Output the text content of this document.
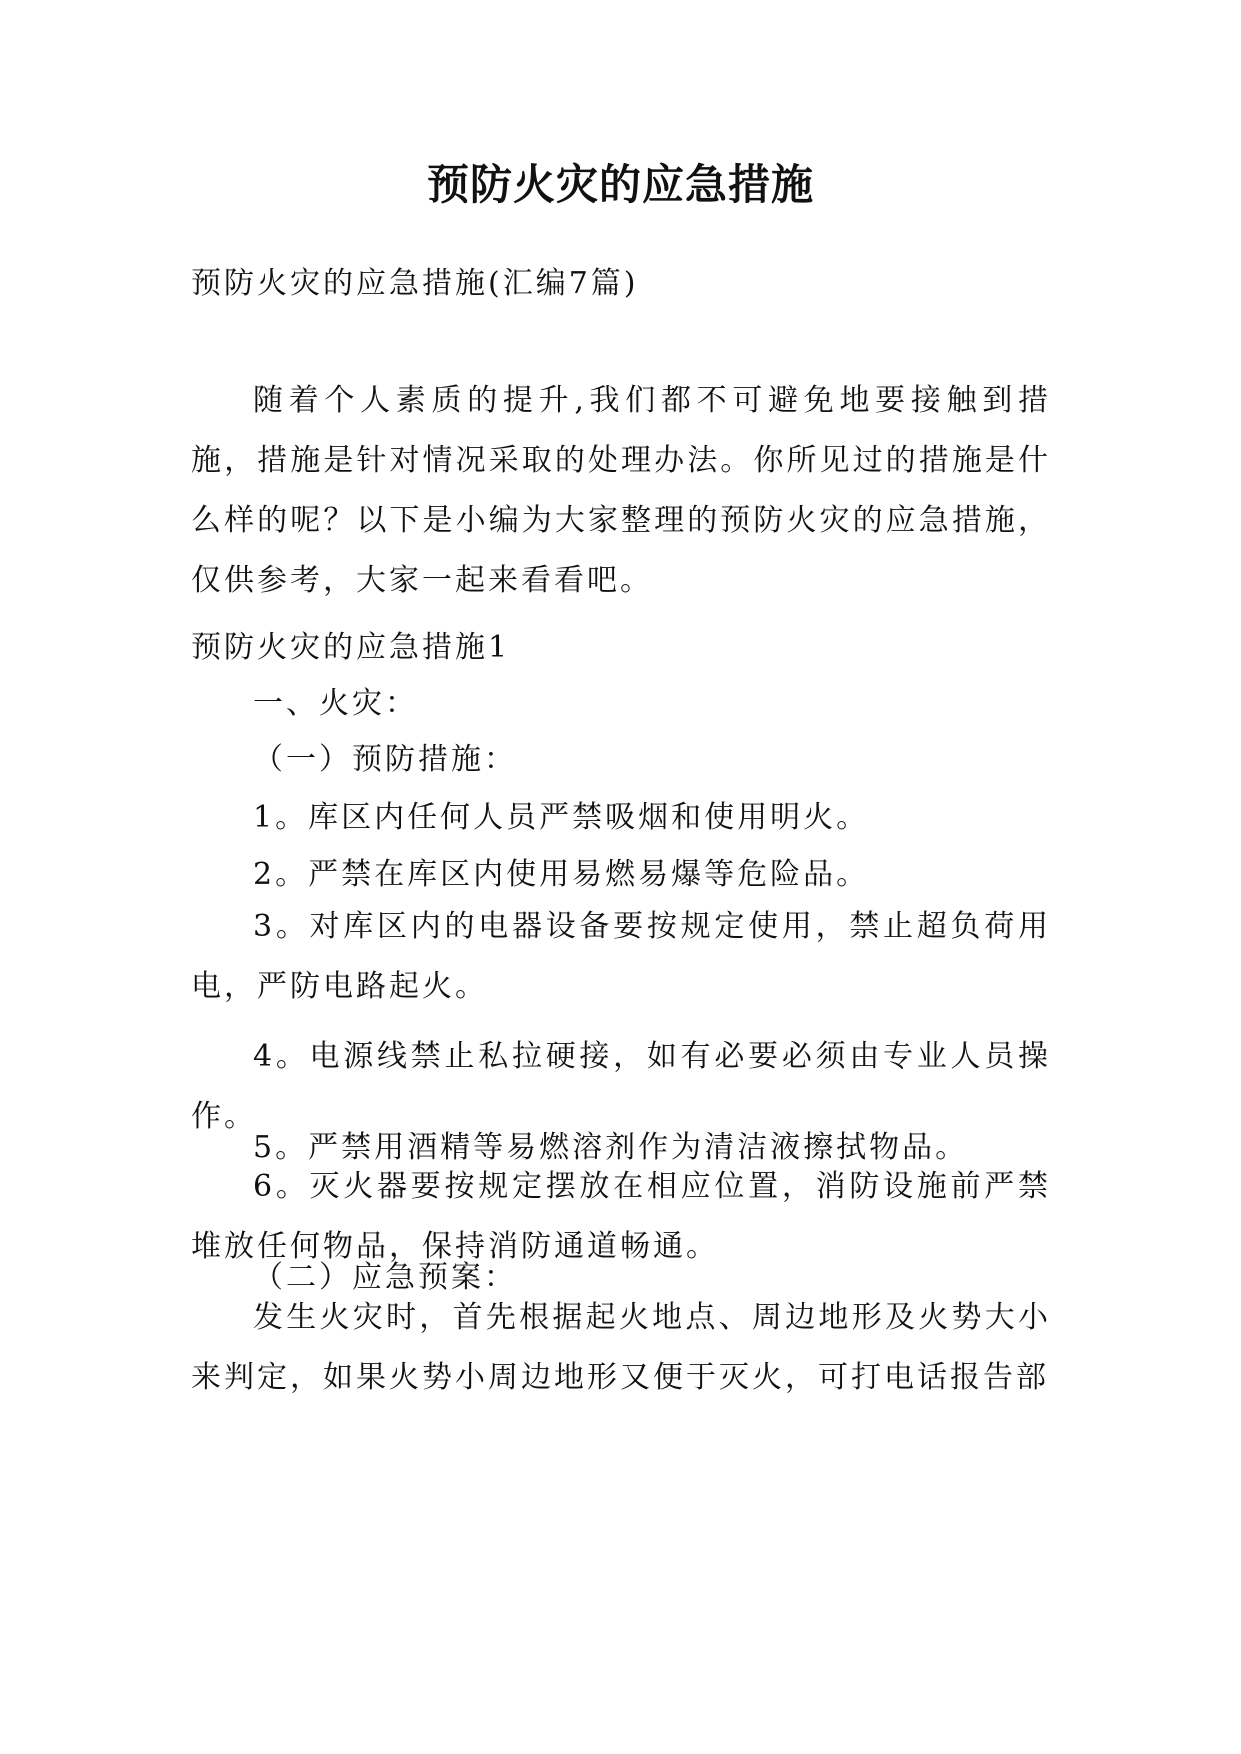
预防火灾的应急措施

预防火灾的应急措施(汇编7篇)

随着个人素质的提升,我们都不可避免地要接触到措施，措施是针对情况采取的处理办法。你所见过的措施是什么样的呢？以下是小编为大家整理的预防火灾的应急措施，仅供参考，大家一起来看看吧。

预防火灾的应急措施1

一、火灾：

（一）预防措施：

1。库区内任何人员严禁吸烟和使用明火。

2。严禁在库区内使用易燃易爆等危险品。

3。对库区内的电器设备要按规定使用，禁止超负荷用电，严防电路起火。

4。电源线禁止私拉硬接，如有必要必须由专业人员操作。

5。严禁用酒精等易燃溶剂作为清洁液擦拭物品。

6。灭火器要按规定摆放在相应位置，消防设施前严禁堆放任何物品，保持消防通道畅通。

（二）应急预案：

发生火灾时，首先根据起火地点、周边地形及火势大小来判定，如果火势小周边地形又便于灭火，可打电话报告部
